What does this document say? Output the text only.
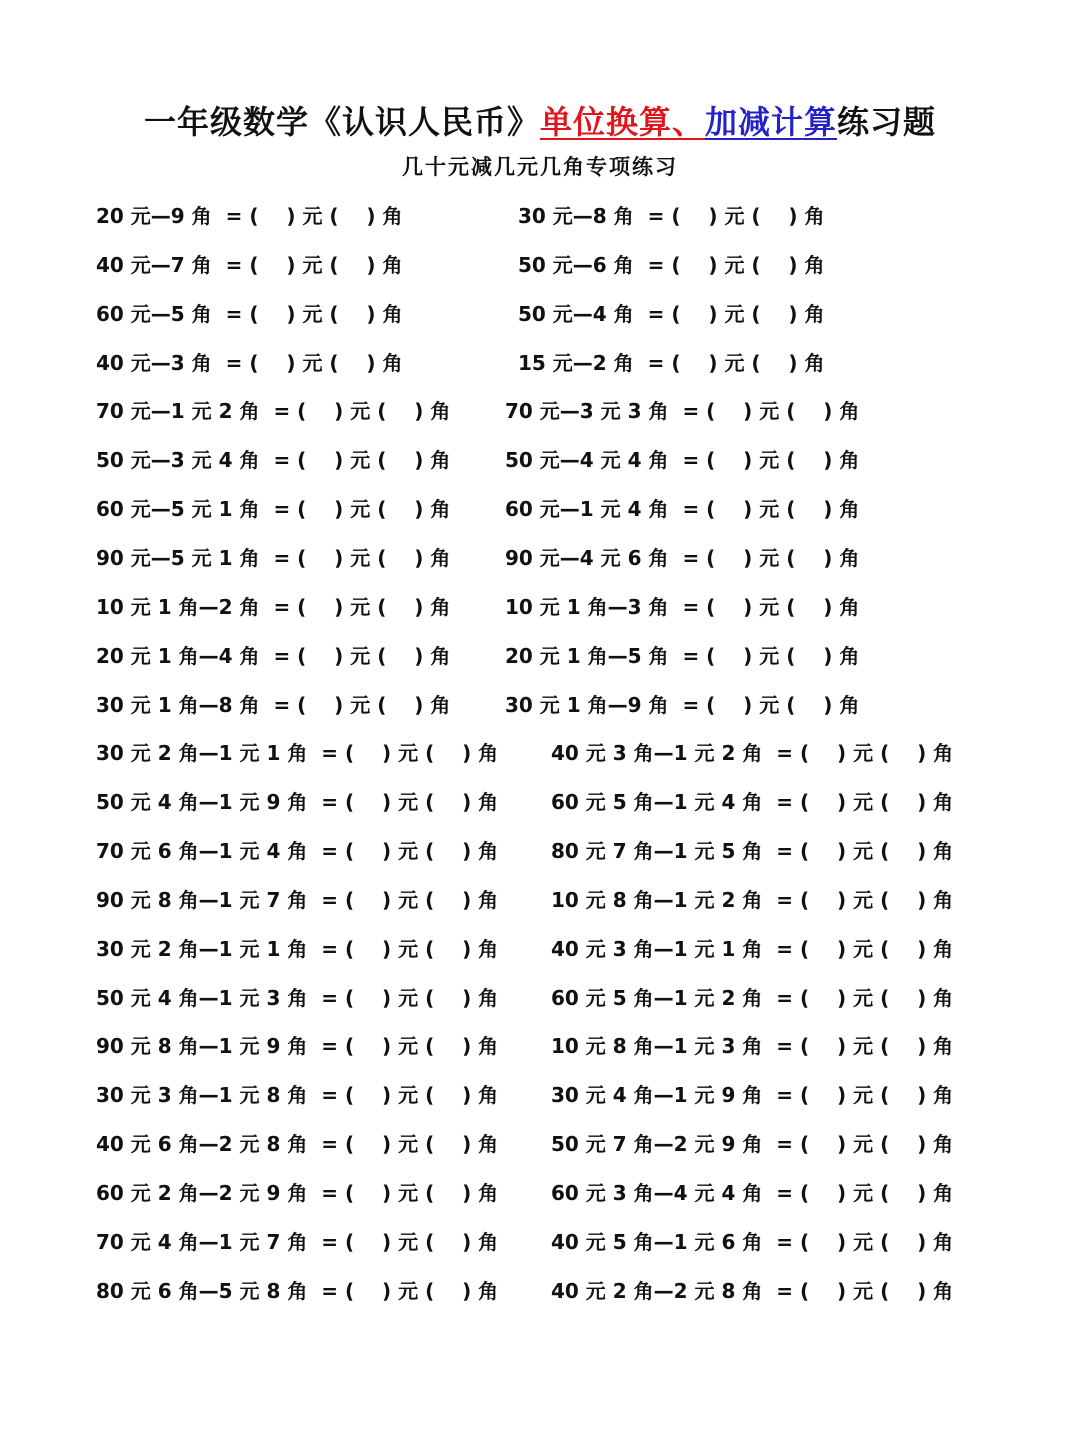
一年级数学《认识人民币》单位换算、加减计算练习题
几十元减几元几角专项练习
20 元—9 角 = (    ) 元 (    ) 角	30 元—8 角 = (    ) 元 (    ) 角
40 元—7 角 = (    ) 元 (    ) 角	50 元—6 角 = (    ) 元 (    ) 角
60 元—5 角 = (    ) 元 (    ) 角	50 元—4 角 = (    ) 元 (    ) 角
40 元—3 角 = (    ) 元 (    ) 角	15 元—2 角 = (    ) 元 (    ) 角
70 元—1 元 2 角 = (    ) 元 (    ) 角	70 元—3 元 3 角 = (    ) 元 (    ) 角
50 元—3 元 4 角 = (    ) 元 (    ) 角	50 元—4 元 4 角 = (    ) 元 (    ) 角
60 元—5 元 1 角 = (    ) 元 (    ) 角	60 元—1 元 4 角 = (    ) 元 (    ) 角
90 元—5 元 1 角 = (    ) 元 (    ) 角	90 元—4 元 6 角 = (    ) 元 (    ) 角
10 元 1 角—2 角 = (    ) 元 (    ) 角	10 元 1 角—3 角 = (    ) 元 (    ) 角
20 元 1 角—4 角 = (    ) 元 (    ) 角	20 元 1 角—5 角 = (    ) 元 (    ) 角
30 元 1 角—8 角 = (    ) 元 (    ) 角	30 元 1 角—9 角 = (    ) 元 (    ) 角
30 元 2 角—1 元 1 角 = (    ) 元 (    ) 角	40 元 3 角—1 元 2 角 = (    ) 元 (    ) 角
50 元 4 角—1 元 9 角 = (    ) 元 (    ) 角	60 元 5 角—1 元 4 角 = (    ) 元 (    ) 角
70 元 6 角—1 元 4 角 = (    ) 元 (    ) 角	80 元 7 角—1 元 5 角 = (    ) 元 (    ) 角
90 元 8 角—1 元 7 角 = (    ) 元 (    ) 角	10 元 8 角—1 元 2 角 = (    ) 元 (    ) 角
30 元 2 角—1 元 1 角 = (    ) 元 (    ) 角	40 元 3 角—1 元 1 角 = (    ) 元 (    ) 角
50 元 4 角—1 元 3 角 = (    ) 元 (    ) 角	60 元 5 角—1 元 2 角 = (    ) 元 (    ) 角
90 元 8 角—1 元 9 角 = (    ) 元 (    ) 角	10 元 8 角—1 元 3 角 = (    ) 元 (    ) 角
30 元 3 角—1 元 8 角 = (    ) 元 (    ) 角	30 元 4 角—1 元 9 角 = (    ) 元 (    ) 角
40 元 6 角—2 元 8 角 = (    ) 元 (    ) 角	50 元 7 角—2 元 9 角 = (    ) 元 (    ) 角
60 元 2 角—2 元 9 角 = (    ) 元 (    ) 角	60 元 3 角—4 元 4 角 = (    ) 元 (    ) 角
70 元 4 角—1 元 7 角 = (    ) 元 (    ) 角	40 元 5 角—1 元 6 角 = (    ) 元 (    ) 角
80 元 6 角—5 元 8 角 = (    ) 元 (    ) 角	40 元 2 角—2 元 8 角 = (    ) 元 (    ) 角
